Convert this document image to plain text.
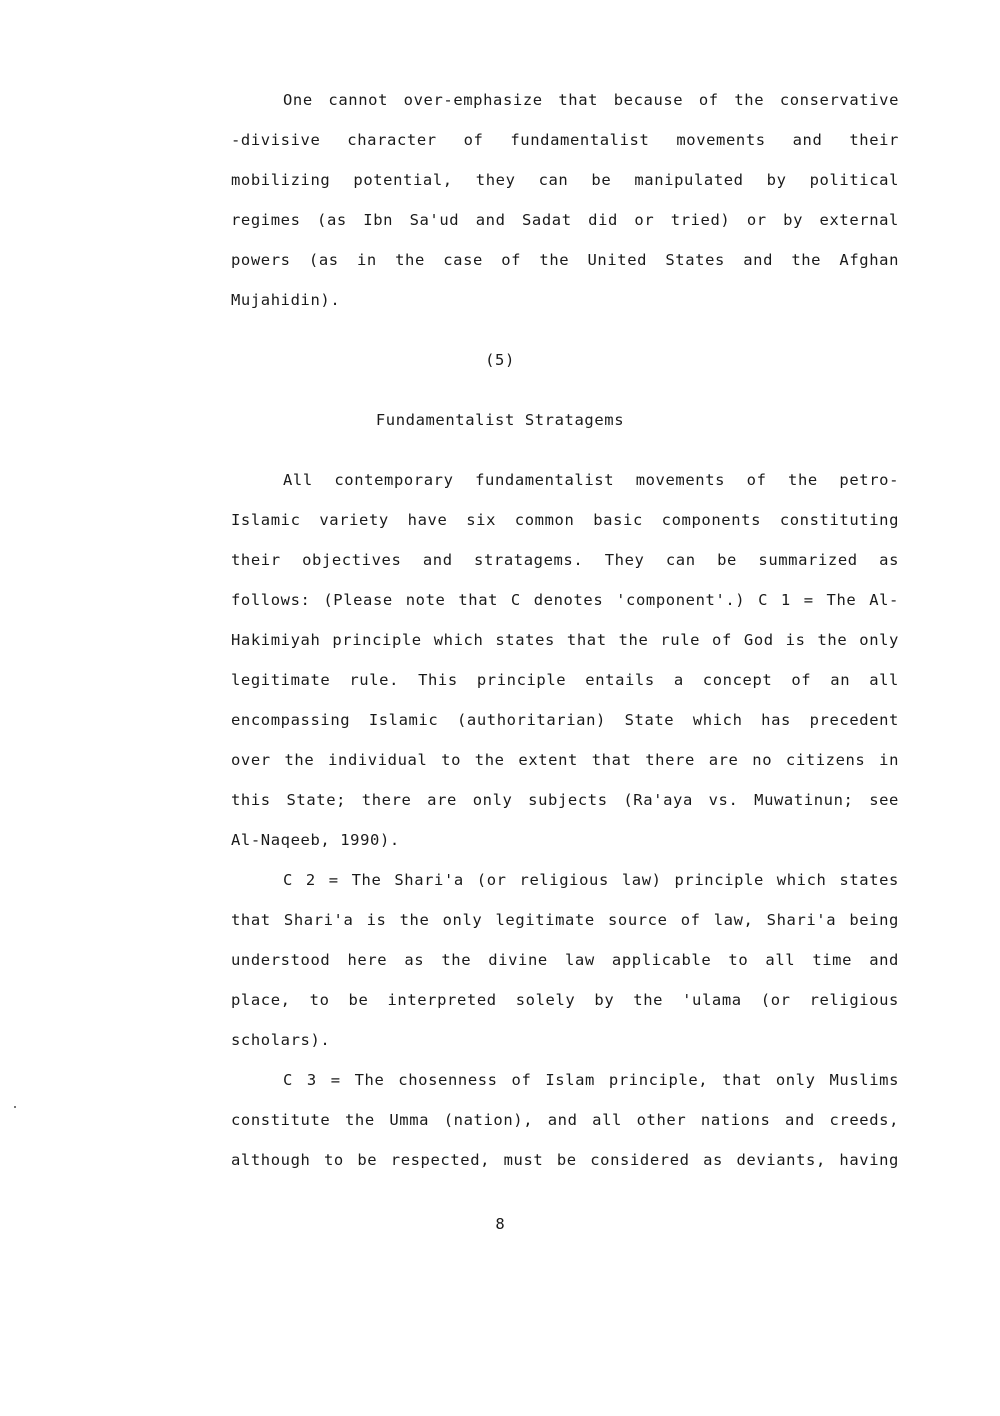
One cannot over-emphasize that because of the conservative
-divisive character of fundamentalist movements and their
mobilizing potential, they can be manipulated by political
regimes (as Ibn Sa'ud and Sadat did or tried) or by external
powers (as in the case of the United States and the Afghan
Mujahidin).
(5)
Fundamentalist Stratagems
All contemporary fundamentalist movements of the petro-
Islamic variety have six common basic components constituting
their objectives and stratagems. They can be summarized as
follows: (Please note that C denotes 'component'.) C 1 = The Al-
Hakimiyah principle which states that the rule of God is the only
legitimate rule. This principle entails a concept of an all
encompassing Islamic (authoritarian) State which has precedent
over the individual to the extent that there are no citizens in
this State; there are only subjects (Ra'aya vs. Muwatinun; see
Al-Naqeeb, 1990).
C 2 = The Shari'a (or religious law) principle which states
that Shari'a is the only legitimate source of law, Shari'a being
understood here as the divine law applicable to all time and
place, to be interpreted solely by the 'ulama (or religious
scholars).
C 3 = The chosenness of Islam principle, that only Muslims
constitute the Umma (nation), and all other nations and creeds,
although to be respected, must be considered as deviants, having
8
